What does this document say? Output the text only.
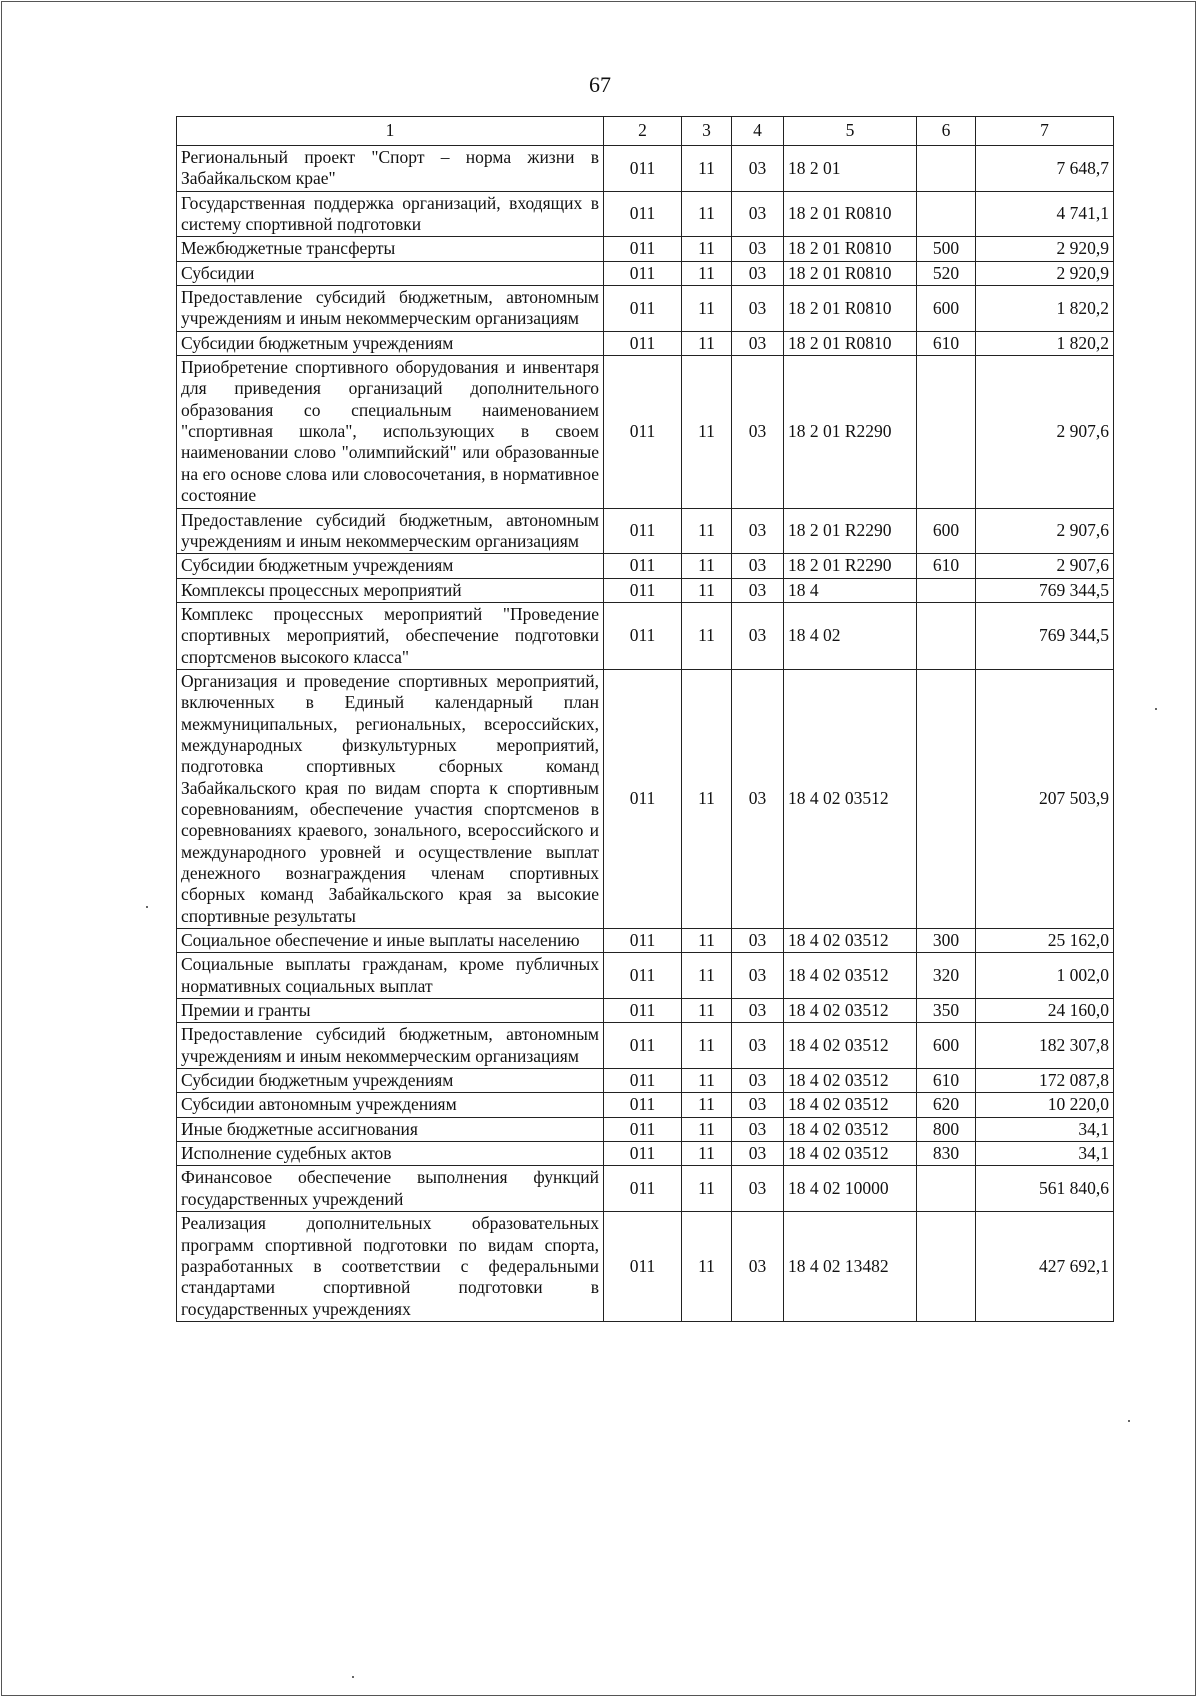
67
1	2	3	4	5	6	7
Региональный проект "Спорт – норма жизни в Забайкальском крае"	011	11	03	18 2 01		7 648,7
Государственная поддержка организаций, входящих в систему спортивной подготовки	011	11	03	18 2 01 R0810		4 741,1
Межбюджетные трансферты	011	11	03	18 2 01 R0810	500	2 920,9
Субсидии	011	11	03	18 2 01 R0810	520	2 920,9
Предоставление субсидий бюджетным, автономным учреждениям и иным некоммерческим организациям	011	11	03	18 2 01 R0810	600	1 820,2
Субсидии бюджетным учреждениям	011	11	03	18 2 01 R0810	610	1 820,2
Приобретение спортивного оборудования и инвентаря для приведения организаций дополнительного образования со специальным наименованием "спортивная школа", использующих в своем наименовании слово "олимпийский" или образованные на его основе слова или словосочетания, в нормативное состояние	011	11	03	18 2 01 R2290		2 907,6
Предоставление субсидий бюджетным, автономным учреждениям и иным некоммерческим организациям	011	11	03	18 2 01 R2290	600	2 907,6
Субсидии бюджетным учреждениям	011	11	03	18 2 01 R2290	610	2 907,6
Комплексы процессных мероприятий	011	11	03	18 4		769 344,5
Комплекс процессных мероприятий "Проведение спортивных мероприятий, обеспечение подготовки спортсменов высокого класса"	011	11	03	18 4 02		769 344,5
Организация и проведение спортивных мероприятий, включенных в Единый календарный план межмуниципальных, региональных, всероссийских, международных физкультурных мероприятий, подготовка спортивных сборных команд Забайкальского края по видам спорта к спортивным соревнованиям, обеспечение участия спортсменов в соревнованиях краевого, зонального, всероссийского и международного уровней и осуществление выплат денежного вознаграждения членам спортивных сборных команд Забайкальского края за высокие спортивные результаты	011	11	03	18 4 02 03512		207 503,9
Социальное обеспечение и иные выплаты населению	011	11	03	18 4 02 03512	300	25 162,0
Социальные выплаты гражданам, кроме публичных нормативных социальных выплат	011	11	03	18 4 02 03512	320	1 002,0
Премии и гранты	011	11	03	18 4 02 03512	350	24 160,0
Предоставление субсидий бюджетным, автономным учреждениям и иным некоммерческим организациям	011	11	03	18 4 02 03512	600	182 307,8
Субсидии бюджетным учреждениям	011	11	03	18 4 02 03512	610	172 087,8
Субсидии автономным учреждениям	011	11	03	18 4 02 03512	620	10 220,0
Иные бюджетные ассигнования	011	11	03	18 4 02 03512	800	34,1
Исполнение судебных актов	011	11	03	18 4 02 03512	830	34,1
Финансовое обеспечение выполнения функций государственных учреждений	011	11	03	18 4 02 10000		561 840,6
Реализация дополнительных образовательных программ спортивной подготовки по видам спорта, разработанных в соответствии с федеральными стандартами спортивной подготовки в государственных учреждениях	011	11	03	18 4 02 13482		427 692,1
